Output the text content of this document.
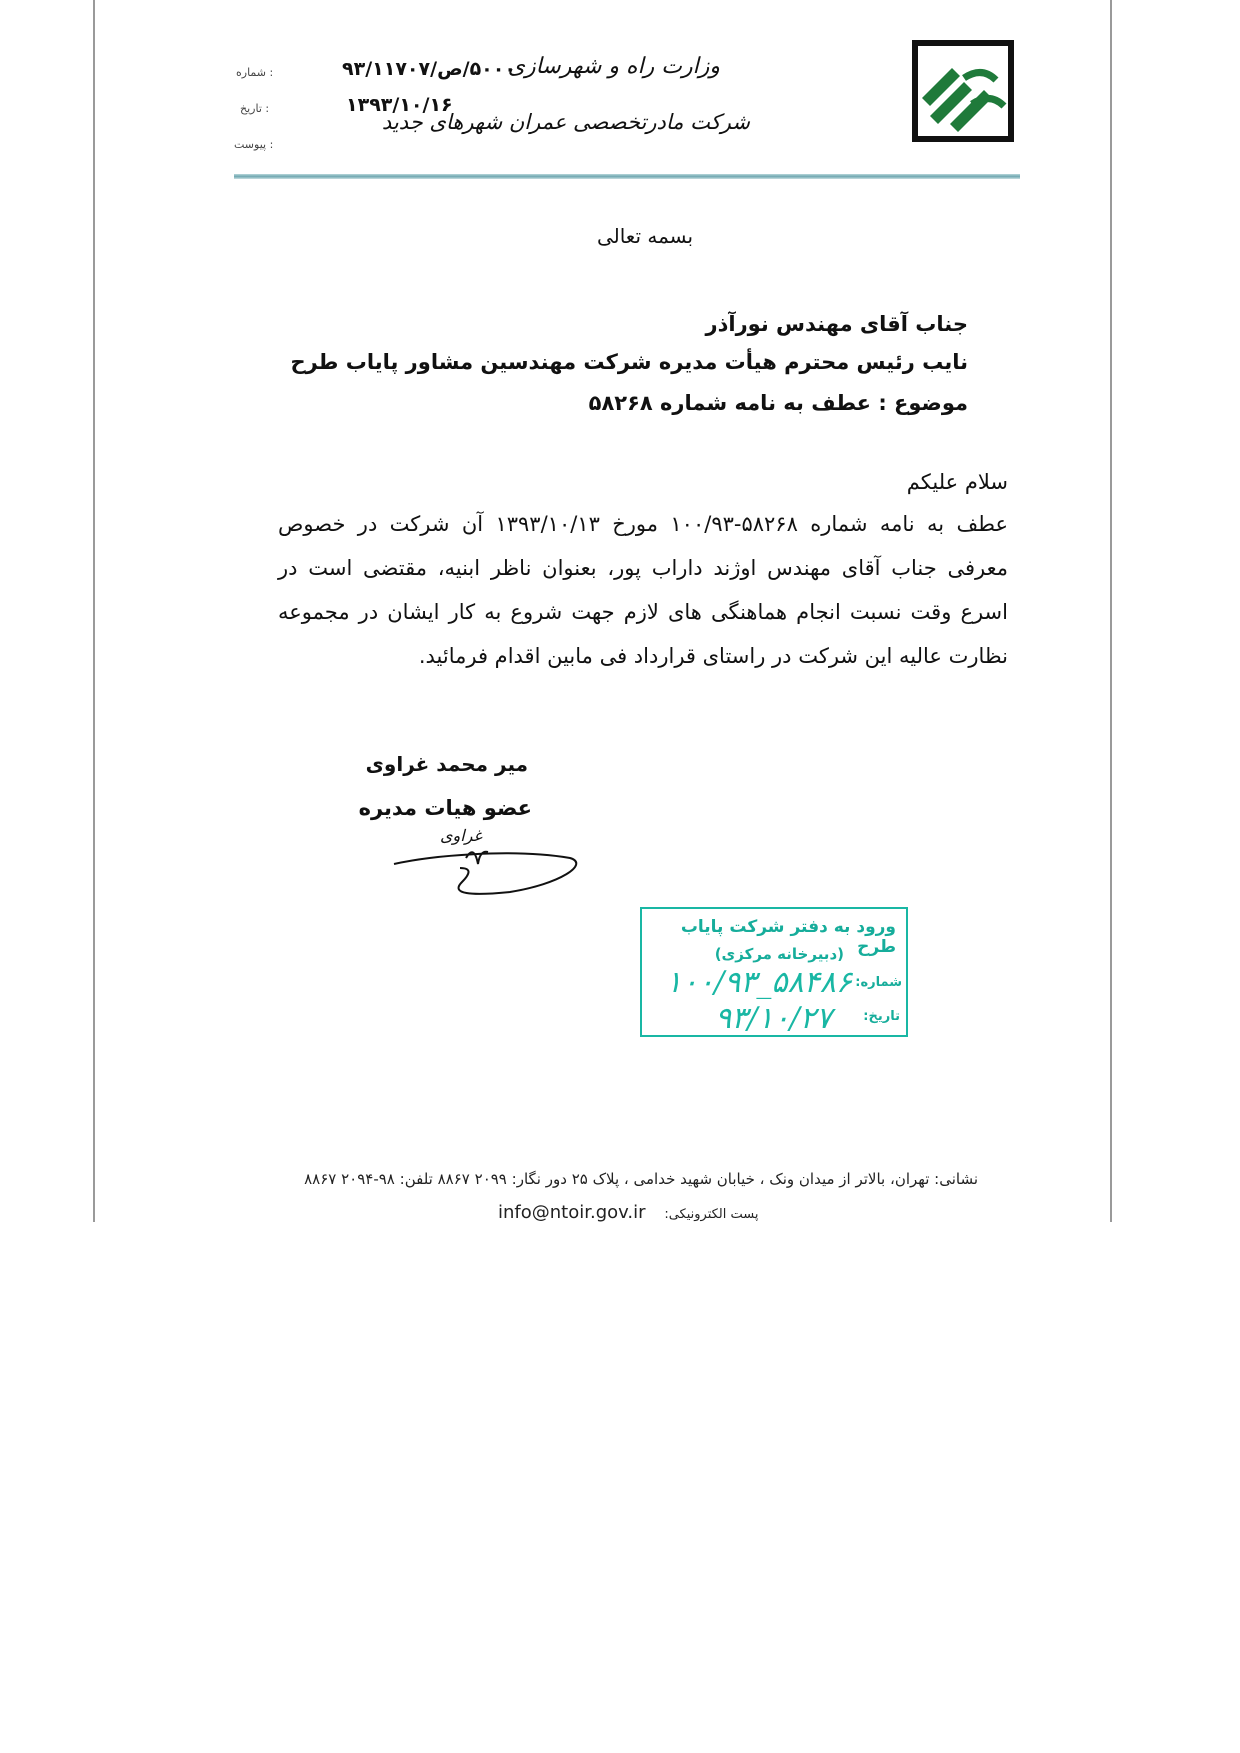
وزارت راه و شهرسازی
شرکت مادرتخصصی عمران شهرهای جدید
: شماره	۵۰۰۰/ص/۹۳/۱۱۷۰۷
: تاریخ	۱۳۹۳/۱۰/۱۶
: پیوست
بسمه تعالی
جناب آقای مهندس نورآذر
نایب رئیس محترم هیأت مدیره شرکت مهندسین مشاور پایاب طرح
موضوع : عطف به نامه شماره ۵۸۲۶۸
سلام علیکم
عطف به نامه شماره ۵۸۲۶۸-۱۰۰/۹۳ مورخ ۱۳۹۳/۱۰/۱۳ آن شرکت در خصوص
معرفی جناب آقای مهندس اوژند داراب پور، بعنوان ناظر ابنیه، مقتضی است در
اسرع وقت نسبت انجام هماهنگی های لازم جهت شروع به کار ایشان در مجموعه
نظارت عالیه این شرکت در راستای قرارداد فی مابین اقدام فرمائید.
میر محمد غراوی
عضو هیات مدیره
غراوی
ورود به دفتر شرکت پایاب طرح
(دبیرخانه مرکزی)
شماره:
۱۰۰/۹۳_۵۸۴۸۶
تاریخ:
۹۳/۱۰/۲۷
نشانی: تهران، بالاتر از میدان ونک ، خیابان شهید خدامی ، پلاک ۲۵ دور نگار: ۲۰۹۹ ۸۸۶۷ تلفن: ۹۸-۲۰۹۴ ۸۸۶۷
info@ntoir.gov.ir پست الکترونیکی:
